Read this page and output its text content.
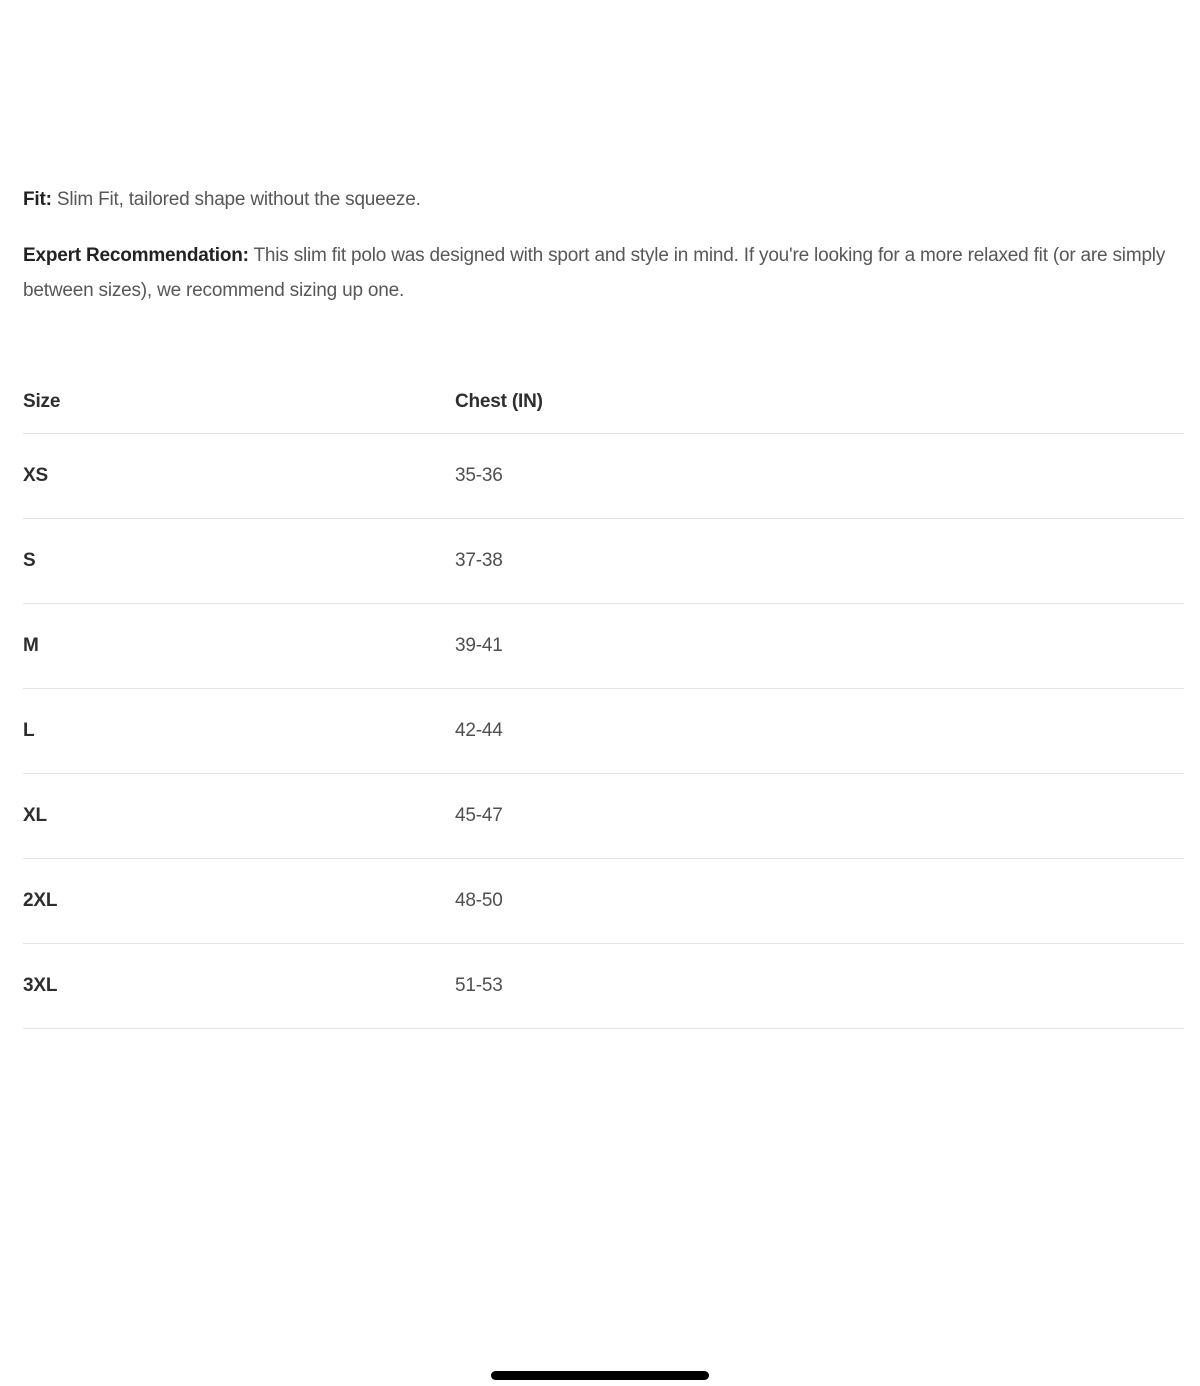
Fit: Slim Fit, tailored shape without the squeeze.

Expert Recommendation: This slim fit polo was designed with sport and style in mind. If you're looking for a more relaxed fit (or are simply between sizes), we recommend sizing up one.

Size	Chest (IN)
XS	35-36
S	37-38
M	39-41
L	42-44
XL	45-47
2XL	48-50
3XL	51-53
